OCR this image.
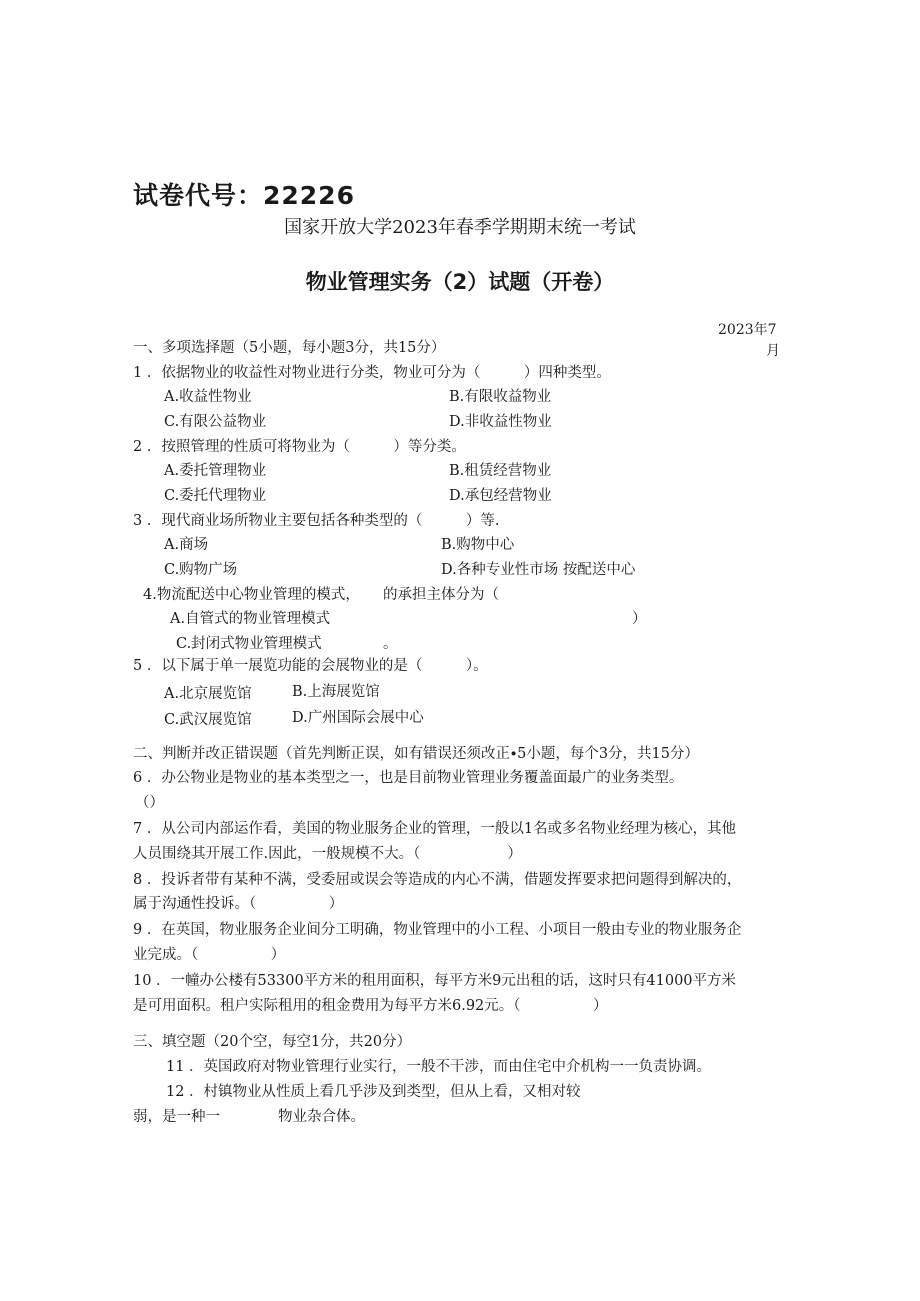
试卷代号：22226
国家开放大学2023年春季学期期末统一考试
物业管理实务（2）试题（开卷）
2023年7
月
一、多项选择题（5小题，每小题3分，共15分）
1 ．依据物业的收益性对物业进行分类，物业可分为（　　　）四种类型。
A.收益性物业	B.有限收益物业
C.有限公益物业	D.非收益性物业
2 ．按照管理的性质可将物业为（　　　）等分类。
A.委托管理物业	B.租赁经营物业
C.委托代理物业	D.承包经营物业
3 ．现代商业场所物业主要包括各种类型的（　　　）等.
A.商场	B.购物中心
C.购物广场	D.各种专业性市场 按配送中心
4.物流配送中心物业管理的模式， 的承担主体分为（
A.自管式的物业管理模式	）
C.封闭式物业管理模式	。
5 ．以下属于单一展览功能的会展物业的是（　　　）。
A.北京展览馆	B.上海展览馆
C.武汉展览馆	D.广州国际会展中心
二、判断并改正错误题（首先判断正误，如有错误还须改正∙5小题，每个3分，共15分）
6 ．办公物业是物业的基本类型之一，也是目前物业管理业务覆盖面最广的业务类型。
（）
7 ．从公司内部运作看，美国的物业服务企业的管理，一般以1名或多名物业经理为核心，其他
人员围绕其开展工作.因此，一般规模不大。（　　　　　　）
8 ．投诉者带有某种不满，受委屈或误会等造成的内心不满，借题发挥要求把问题得到解决的，
属于沟通性投诉。（　　　　　）
9 ．在英国，物业服务企业间分工明确，物业管理中的小工程、小项目一般由专业的物业服务企
业完成。（　　　　　）
10 ．一幢办公楼有53300平方米的租用面积，每平方米9元出租的话，这时只有41000平方米
是可用面积。租户实际租用的租金费用为每平方米6.92元。（　　　　　）
三、填空题（20个空，每空1分，共20分）
11 ．英国政府对物业管理行业实行，一般不干涉，而由住宅中介机构一一负责协调。
12 ．村镇物业从性质上看几乎涉及到类型，但从上看，又相对较
弱，是一种一　　　　物业杂合体。
